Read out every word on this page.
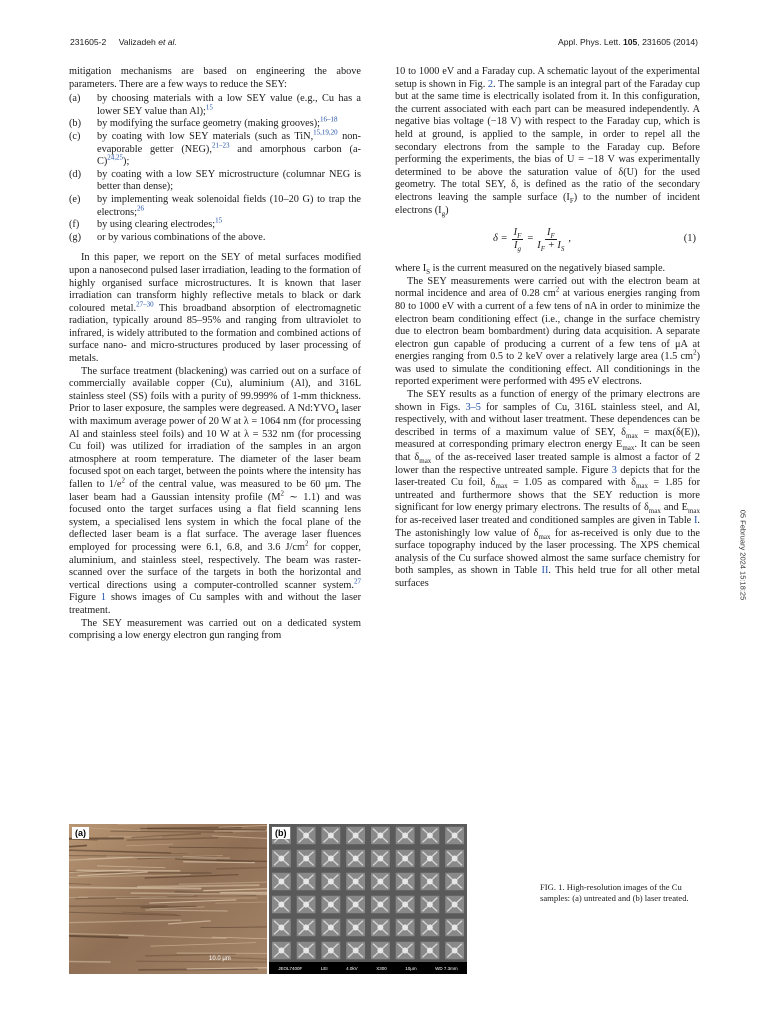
231605-2 Valizadeh et al.	Appl. Phys. Lett. 105, 231605 (2014)
05 February 2024 15:18:25

mitigation mechanisms are based on engineering the above parameters. There are a few ways to reduce the SEY:

(a)	by choosing materials with a low SEY value (e.g., Cu has a lower SEY value than Al);$^{15}$
(b)	by modifying the surface geometry (making grooves);$^{16-18}$
(c)	by coating with low SEY materials (such as TiN,$^{15,19,20}$ non-evaporable getter (NEG),$^{21-23}$ and amorphous carbon (a-C)$^{24,25}$);
(d)	by coating with a low SEY microstructure (columnar NEG is better than dense);
(e)	by implementing weak solenoidal fields (10–20 G) to trap the electrons;$^{26}$
(f)	by using clearing electrodes;$^{15}$
(g)	or by various combinations of the above.

In this paper, we report on the SEY of metal surfaces modified upon a nanosecond pulsed laser irradiation, leading to the formation of highly organised surface microstructures. It is known that laser irradiation can transform highly reflective metals to black or dark coloured metal.$^{27-30}$ This broadband absorption of electromagnetic radiation, typically around 85–95% and ranging from ultraviolet to infrared, is widely attributed to the formation and combined actions of surface nano- and micro-structures produced by laser processing of metals.

The surface treatment (blackening) was carried out on a surface of commercially available copper (Cu), aluminium (Al), and 316L stainless steel (SS) foils with a purity of 99.999% of 1-mm thickness. Prior to laser exposure, the samples were degreased. A $Nd:YVO_4$ laser with maximum average power of 20 W at λ = 1064 nm (for processing Al and stainless steel foils) and 10 W at λ = 532 nm (for processing Cu foil) was utilized for irradiation of the samples in an argon atmosphere at room temperature. The diameter of the laser beam focused spot on each target, between the points where the intensity has fallen to $1/e^2$ of the central value, was measured to be 60 μm. The laser beam had a Gaussian intensity profile ($M^2$ ∼ 1.1) and was focused onto the target surfaces using a flat field scanning lens system, a specialised lens system in which the focal plane of the deflected laser beam is a flat surface. The average laser fluences employed for processing were 6.1, 6.8, and 3.6 $J/cm^2$ for copper, aluminium, and stainless steel, respectively. The beam was raster-scanned over the surface of the targets in both the horizontal and vertical directions using a computer-controlled scanner system.$^{27}$ Figure 1 shows images of Cu samples with and without the laser treatment.

The SEY measurement was carried out on a dedicated system comprising a low energy electron gun ranging from

10 to 1000 eV and a Faraday cup. A schematic layout of the experimental setup is shown in Fig. 2. The sample is an integral part of the Faraday cup but at the same time is electrically isolated from it. In this configuration, the current associated with each part can be measured independently. A negative bias voltage (−18 V) with respect to the Faraday cup, which is held at ground, is applied to the sample, in order to repel all the secondary electrons from the sample to the Faraday cup. Before performing the experiments, the bias of U = −18 V was experimentally determined to be above the saturation value of δ(U) for the used geometry. The total SEY, δ, is defined as the ratio of the secondary electrons leaving the sample surface $(I_F)$ to the number of incident electrons $(I_g)$

$\delta = \frac{I_F}{I_g} = \frac{I_F}{I_F + I_S}$ ,	(1)

where $I_S$ is the current measured on the negatively biased sample.

The SEY measurements were carried out with the electron beam at normal incidence and area of 0.28 $cm^2$ at various energies ranging from 80 to 1000 eV with a current of a few tens of nA in order to minimize the electron beam conditioning effect (i.e., change in the surface chemistry due to electron beam bombardment) during data acquisition. A separate electron gun capable of producing a current of a few tens of μA at energies ranging from 0.5 to 2 keV over a relatively large area (1.5 $cm^2$) was used to simulate the conditioning effect. All conditionings in the reported experiment were performed with 495 eV electrons.

The SEY results as a function of energy of the primary electrons are shown in Figs. 3–5 for samples of Cu, 316L stainless steel, and Al, respectively, with and without laser treatment. These dependences can be described in terms of a maximum value of SEY, $\delta_{max} = \max(\delta(E))$, measured at corresponding primary electron energy $E_{max}$. It can be seen that $\delta_{max}$ of the as-received laser treated sample is almost a factor of 2 lower than the respective untreated sample. Figure 3 depicts that for the laser-treated Cu foil, $\delta_{max} = 1.05$ as compared with $\delta_{max} = 1.85$ for untreated and furthermore shows that the SEY reduction is more significant for low energy primary electrons. The results of $\delta_{max}$ and $E_{max}$ for as-received laser treated and conditioned samples are given in Table I. The astonishingly low value of $\delta_{max}$ for as-received is only due to the surface topography induced by the laser processing. The XPS chemical analysis of the Cu surface showed almost the same surface chemistry for both samples, as shown in Table II. This held true for all other metal surfaces

(a)
10.0 μm
(b)
JEOL7400F	LEI	4.0kV	X300	10μm	WD 7.3mm
FIG. 1. High-resolution images of the Cu samples: (a) untreated and (b) laser treated.
